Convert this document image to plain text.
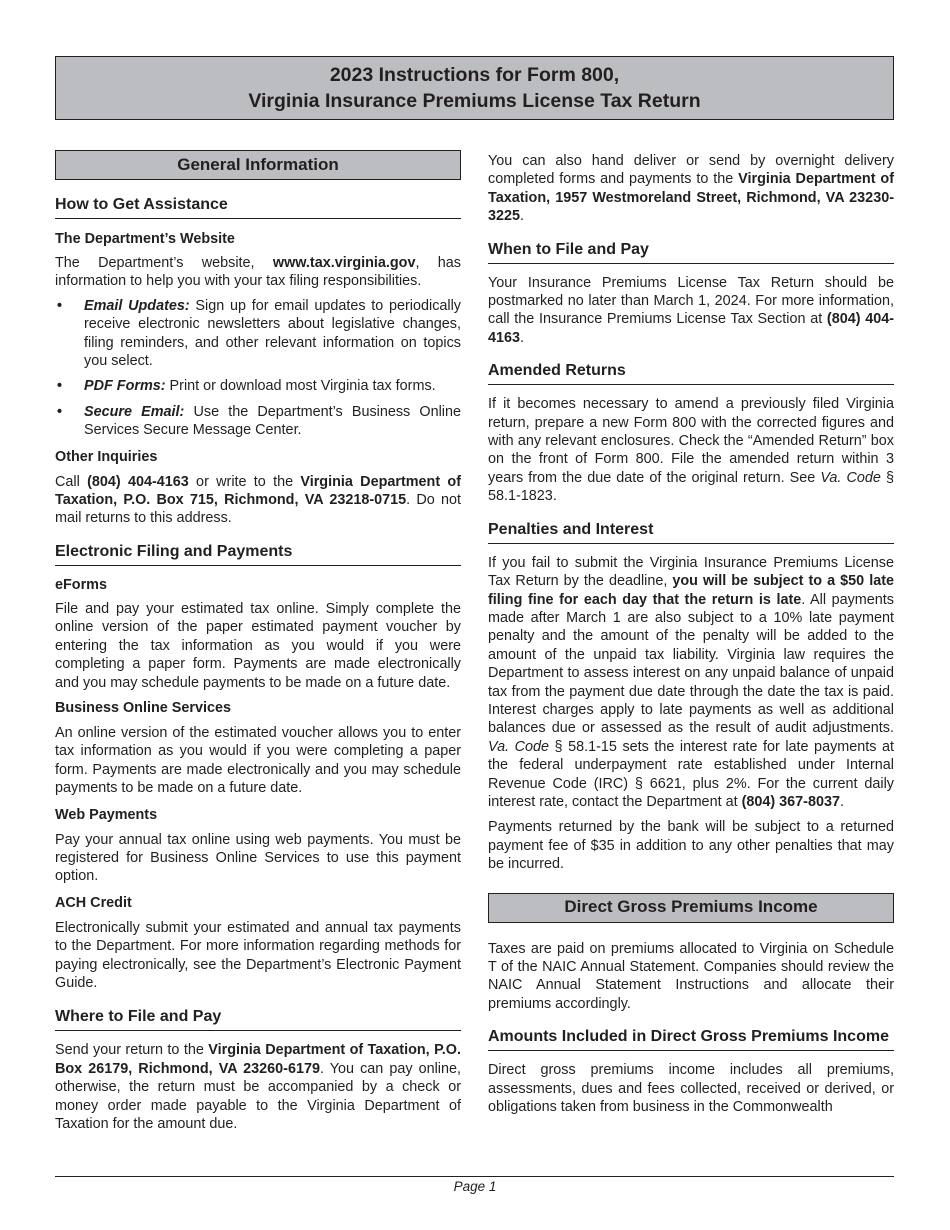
2023 Instructions for Form 800,
Virginia Insurance Premiums License Tax Return
General Information
How to Get Assistance
The Department’s Website

The Department’s website, www.tax.virginia.gov, has information to help you with your tax filing responsibilities.

• Email Updates: Sign up for email updates to periodically receive electronic newsletters about legislative changes, filing reminders, and other relevant information on topics you select.
• PDF Forms: Print or download most Virginia tax forms.
• Secure Email: Use the Department’s Business Online Services Secure Message Center.
Other Inquiries

Call (804) 404-4163 or write to the Virginia Department of Taxation, P.O. Box 715, Richmond, VA 23218-0715. Do not mail returns to this address.

Electronic Filing and Payments
eForms

File and pay your estimated tax online. Simply complete the online version of the paper estimated payment voucher by entering the tax information as you would if you were completing a paper form. Payments are made electronically and you may schedule payments to be made on a future date.

Business Online Services

An online version of the estimated voucher allows you to enter tax information as you would if you were completing a paper form. Payments are made electronically and you may schedule payments to be made on a future date.

Web Payments

Pay your annual tax online using web payments. You must be registered for Business Online Services to use this payment option.

ACH Credit

Electronically submit your estimated and annual tax payments to the Department. For more information regarding methods for paying electronically, see the Department’s Electronic Payment Guide.

Where to File and Pay

Send your return to the Virginia Department of Taxation, P.O. Box 26179, Richmond, VA 23260-6179. You can pay online, otherwise, the return must be accompanied by a check or money order made payable to the Virginia Department of Taxation for the amount due.

You can also hand deliver or send by overnight delivery completed forms and payments to the Virginia Department of Taxation, 1957 Westmoreland Street, Richmond, VA 23230-3225.

When to File and Pay

Your Insurance Premiums License Tax Return should be postmarked no later than March 1, 2024. For more information, call the Insurance Premiums License Tax Section at (804) 404-4163.

Amended Returns

If it becomes necessary to amend a previously filed Virginia return, prepare a new Form 800 with the corrected figures and with any relevant enclosures. Check the “Amended Return” box on the front of Form 800. File the amended return within 3 years from the due date of the original return. See Va. Code § 58.1-1823.

Penalties and Interest

If you fail to submit the Virginia Insurance Premiums License Tax Return by the deadline, you will be subject to a $50 late filing fine for each day that the return is late. All payments made after March 1 are also subject to a 10% late payment penalty and the amount of the penalty will be added to the amount of the unpaid tax liability. Virginia law requires the Department to assess interest on any unpaid balance of unpaid tax from the payment due date through the date the tax is paid. Interest charges apply to late payments as well as additional balances due or assessed as the result of audit adjustments. Va. Code § 58.1-15 sets the interest rate for late payments at the federal underpayment rate established under Internal Revenue Code (IRC) § 6621, plus 2%. For the current daily interest rate, contact the Department at (804) 367-8037.

Payments returned by the bank will be subject to a returned payment fee of $35 in addition to any other penalties that may be incurred.

Direct Gross Premiums Income

Taxes are paid on premiums allocated to Virginia on Schedule T of the NAIC Annual Statement. Companies should review the NAIC Annual Statement Instructions and allocate their premiums accordingly.

Amounts Included in Direct Gross Premiums Income

Direct gross premiums income includes all premiums, assessments, dues and fees collected, received or derived, or obligations taken from business in the Commonwealth

Page 1
